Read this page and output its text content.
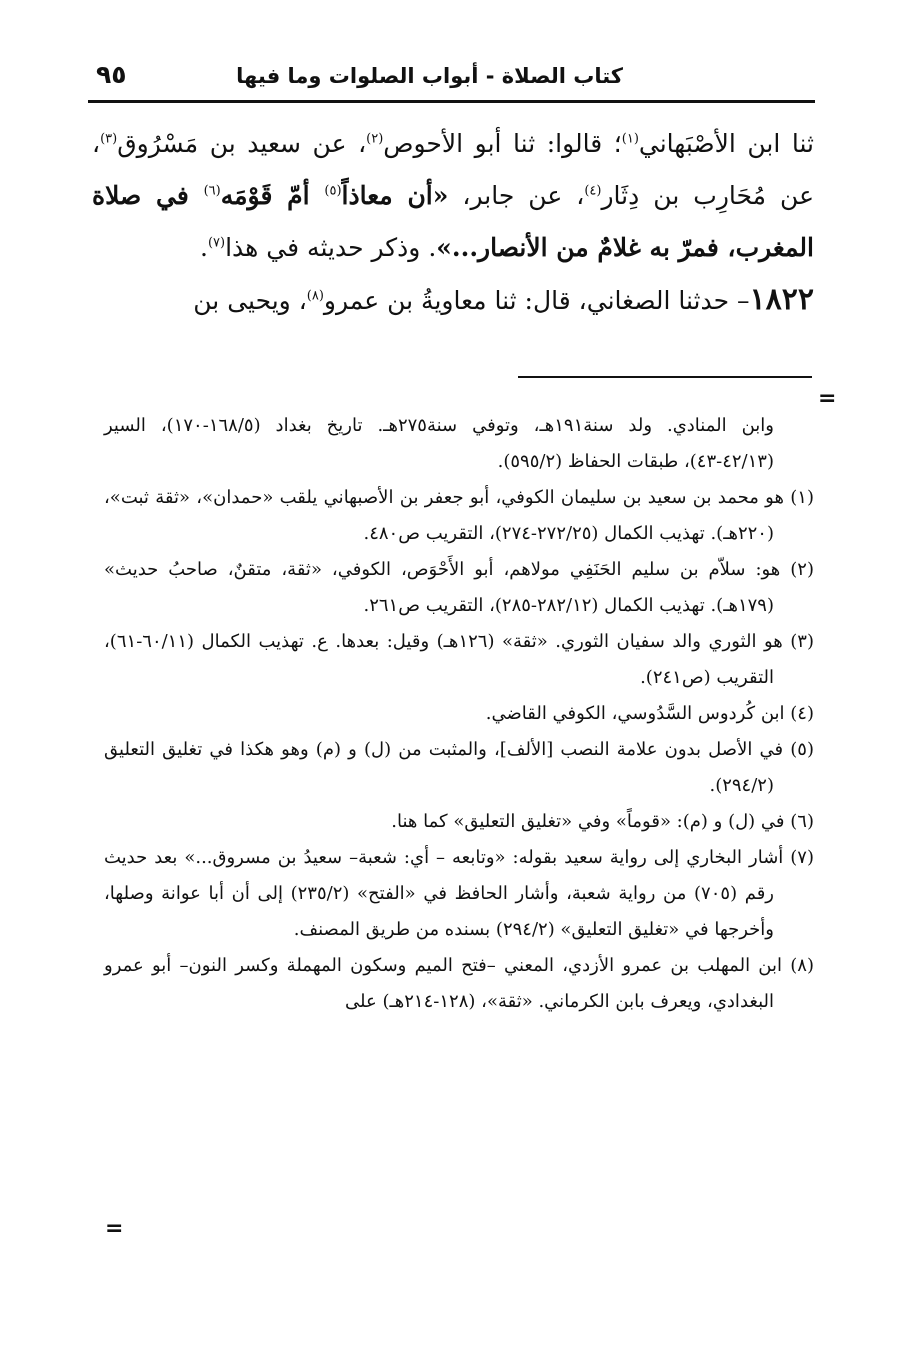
كتاب الصلاة - أبواب الصلوات وما فيها
٩٥

ثنا ابن الأصْبَهاني$^{(١)}$؛ قالوا: ثنا أبو الأحوص$^{(٢)}$، عن سعيد بن مَسْرُوق$^{(٣)}$، عن مُحَارِب بن دِثَار$^{(٤)}$، عن جابر، «أن معاذاً$^{(٥)}$ أمّ قَوْمَه$^{(٦)}$ في صلاة المغرب، فمرّ به غلامٌ من الأنصار...». وذكر حديثه في هذا$^{(٧)}$.

١٨٢٢– حدثنا الصغاني، قال: ثنا معاويةُ بن عمرو$^{(٨)}$، ويحيى بن

=

وابن المنادي. ولد سنة١٩١هـ، وتوفي سنة٢٧٥هـ. تاريخ بغداد (١٦٨/٥-١٧٠)، السير (٤٢/١٣-٤٣)، طبقات الحفاظ (٥٩٥/٢).

(١) هو محمد بن سعيد بن سليمان الكوفي، أبو جعفر بن الأصبهاني يلقب «حمدان»، «ثقة ثبت»، (٢٢٠هـ). تهذيب الكمال (٢٧٢/٢٥-٢٧٤)، التقريب ص٤٨٠.

(٢) هو: سلاّم بن سليم الحَنَفِي مولاهم، أبو الأَحْوَص، الكوفي، «ثقة، متقنٌ، صاحبُ حديث» (١٧٩هـ). تهذيب الكمال (٢٨٢/١٢-٢٨٥)، التقريب ص٢٦١.

(٣) هو الثوري والد سفيان الثوري. «ثقة» (١٢٦هـ) وقيل: بعدها. ع. تهذيب الكمال (٦٠/١١-٦١)، التقريب (ص٢٤١).

(٤) ابن كُردوس السَّدُوسي، الكوفي القاضي.

(٥) في الأصل بدون علامة النصب [الألف]، والمثبت من (ل) و (م) وهو هكذا في تغليق التعليق (٢٩٤/٢).

(٦) في (ل) و (م): «قوماً» وفي «تغليق التعليق» كما هنا.

(٧) أشار البخاري إلى رواية سعيد بقوله: «وتابعه – أي: شعبة– سعيدُ بن مسروق...» بعد حديث رقم (٧٠٥) من رواية شعبة، وأشار الحافظ في «الفتح» (٢٣٥/٢) إلى أن أبا عوانة وصلها، وأخرجها في «تغليق التعليق» (٢٩٤/٢) بسنده من طريق المصنف.

(٨) ابن المهلب بن عمرو الأزدي، المعني –فتح الميم وسكون المهملة وكسر النون– أبو عمرو البغدادي، ويعرف بابن الكرماني. «ثقة»، (١٢٨-٢١٤هـ) على

=
